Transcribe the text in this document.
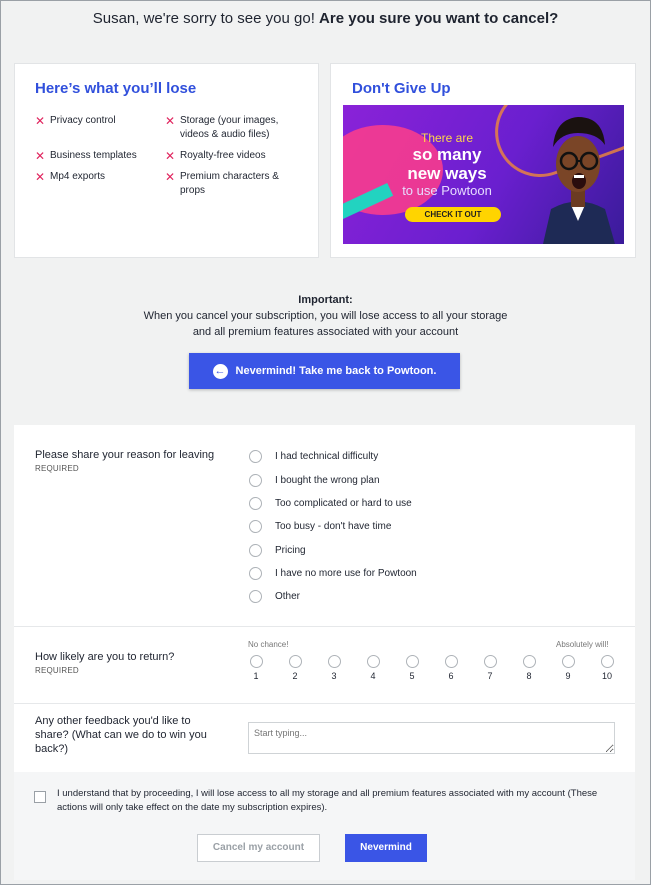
Susan, we're sorry to see you go! Are you sure you want to cancel?
Here’s what you’ll lose
✕ Privacy control	✕ Storage (your images, videos & audio files)
✕ Business templates	✕ Royalty-free videos
✕ Mp4 exports	✕ Premium characters & props
Don't Give Up
There are
so many
new ways
to use Powtoon
CHECK IT OUT
Important:
When you cancel your subscription, you will lose access to all your storage
and all premium features associated with your account
← Nevermind! Take me back to Powtoon.
Please share your reason for leaving
REQUIRED
I had technical difficulty
I bought the wrong plan
Too complicated or hard to use
Too busy - don't have time
Pricing
I have no more use for Powtoon
Other
How likely are you to return?
REQUIRED
No chance!	Absolutely will!
1	2	3	4	5	6	7	8	9	10
Any other feedback you'd like to share? (What can we do to win you back?)
Start typing...
I understand that by proceeding, I will lose access to all my storage and all premium features associated with my account (These actions will only take effect on the date my subscription expires).
Cancel my account	Nevermind
